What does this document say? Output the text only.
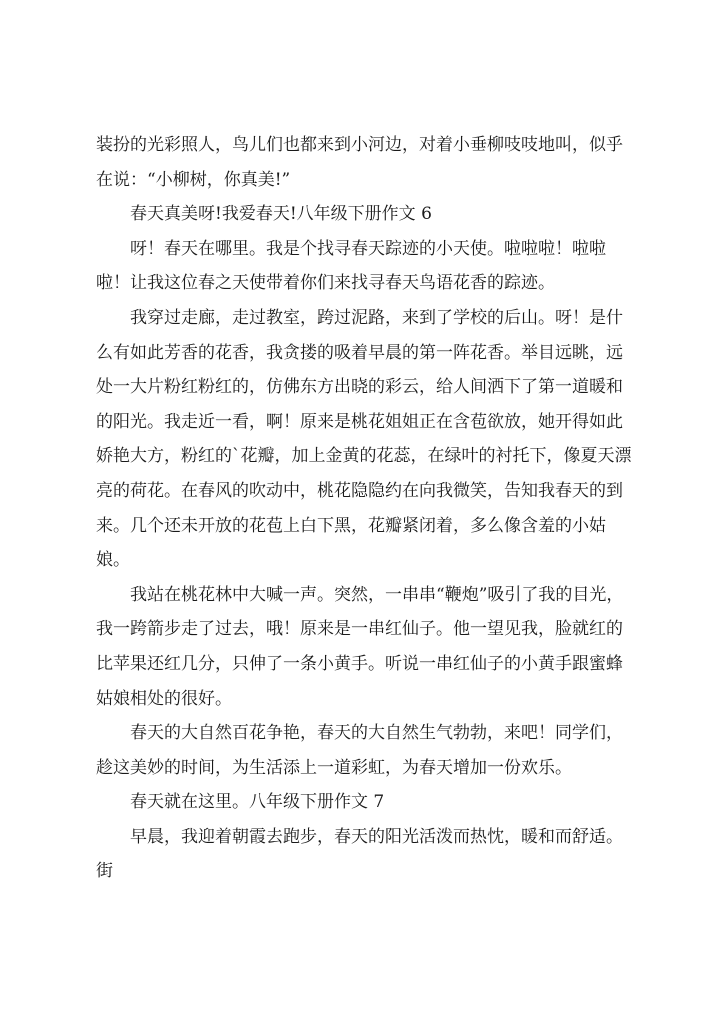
装扮的光彩照人，鸟儿们也都来到小河边，对着小垂柳吱吱地叫，似乎在说：“小柳树，你真美!”

春天真美呀!我爱春天!八年级下册作文 6

呀！春天在哪里。我是个找寻春天踪迹的小天使。啦啦啦！啦啦啦！让我这位春之天使带着你们来找寻春天鸟语花香的踪迹。

我穿过走廊，走过教室，跨过泥路，来到了学校的后山。呀！是什么有如此芳香的花香，我贪搂的吸着早晨的第一阵花香。举目远眺，远处一大片粉红粉红的，仿佛东方出晓的彩云，给人间洒下了第一道暖和的阳光。我走近一看，啊！原来是桃花姐姐正在含苞欲放，她开得如此娇艳大方，粉红的`花瓣，加上金黄的花蕊，在绿叶的衬托下，像夏天漂亮的荷花。在春风的吹动中，桃花隐隐约在向我微笑，告知我春天的到来。几个还未开放的花苞上白下黑，花瓣紧闭着，多么像含羞的小姑娘。

我站在桃花林中大喊一声。突然，一串串“鞭炮”吸引了我的目光，我一跨箭步走了过去，哦！原来是一串红仙子。他一望见我，脸就红的比苹果还红几分，只伸了一条小黄手。听说一串红仙子的小黄手跟蜜蜂姑娘相处的很好。

春天的大自然百花争艳，春天的大自然生气勃勃，来吧！同学们，趁这美妙的时间，为生活添上一道彩虹，为春天增加一份欢乐。

春天就在这里。八年级下册作文 7

早晨，我迎着朝霞去跑步，春天的阳光活泼而热忱，暖和而舒适。街
